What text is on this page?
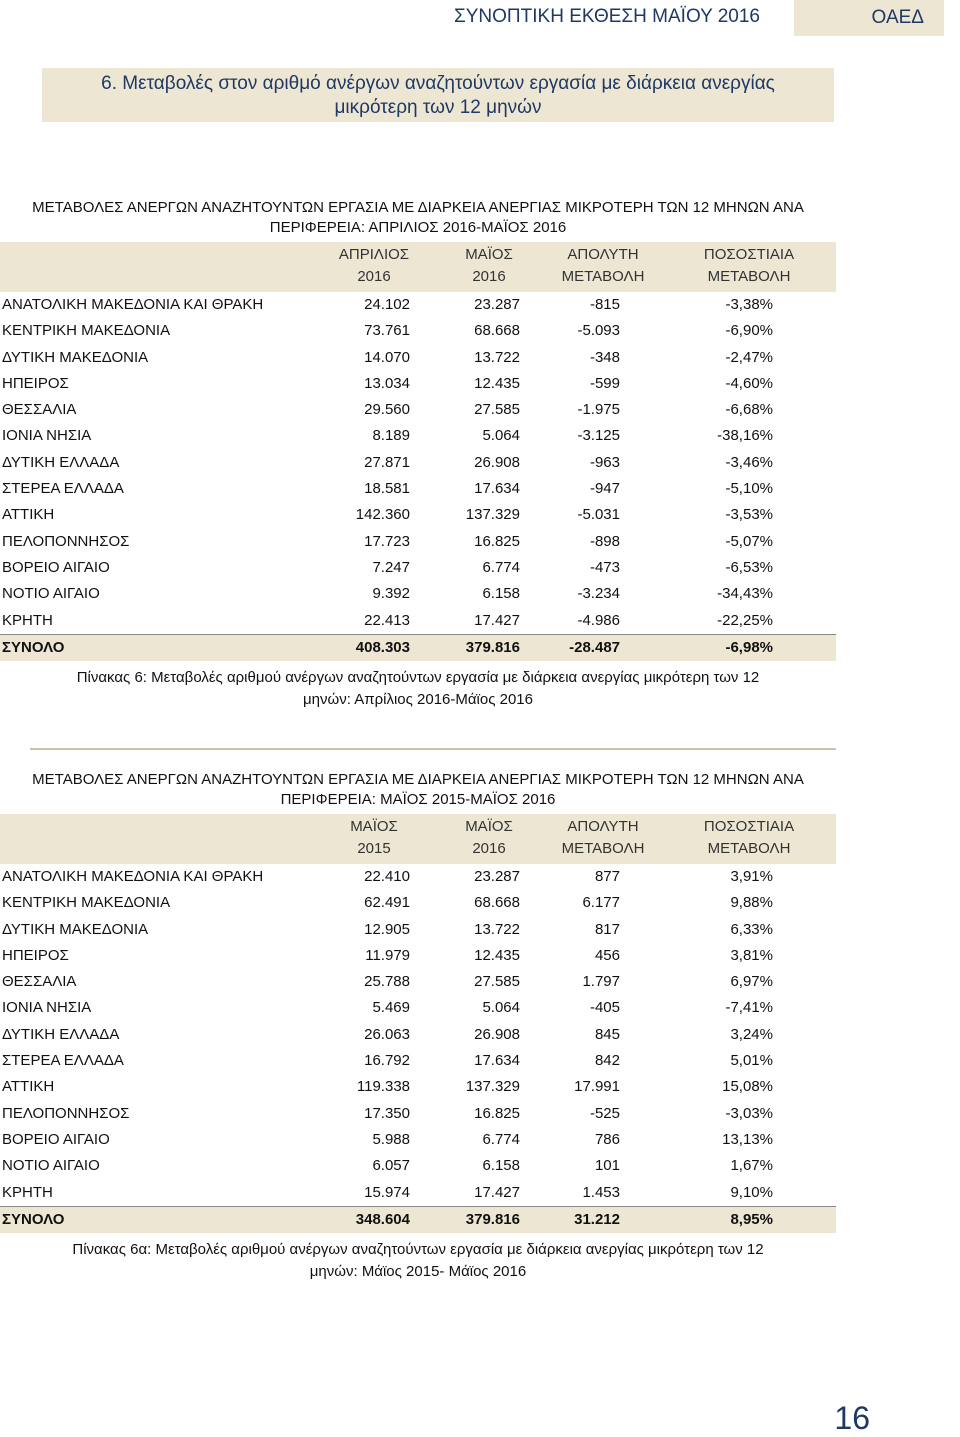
ΣΥΝΟΠΤΙΚΗ ΕΚΘΕΣΗ ΜΑΪΟΥ 2016	ΟΑΕΔ
6. Μεταβολές στον αριθμό ανέργων αναζητούντων εργασία με διάρκεια ανεργίας
μικρότερη των 12 μηνών
ΜΕΤΑΒΟΛΕΣ ΑΝΕΡΓΩΝ ΑΝΑΖΗΤΟΥΝΤΩΝ ΕΡΓΑΣΙΑ ΜΕ ΔΙΑΡΚΕΙΑ ΑΝΕΡΓΙΑΣ ΜΙΚΡΟΤΕΡΗ ΤΩΝ 12 ΜΗΝΩΝ ΑΝΑ
ΠΕΡΙΦΕΡΕΙΑ: ΑΠΡΙΛΙΟΣ 2016-ΜΑΪΟΣ 2016
ΑΠΡΙΛΙΟΣ
2016
ΜΑΪΟΣ
2016
ΑΠΟΛΥΤΗ
ΜΕΤΑΒΟΛΗ
ΠΟΣΟΣΤΙΑΙΑ
ΜΕΤΑΒΟΛΗ
ΑΝΑΤΟΛΙΚΗ ΜΑΚΕΔΟΝΙΑ ΚΑΙ ΘΡΑΚΗ	24.102	23.287	-815	-3,38%
ΚΕΝΤΡΙΚΗ ΜΑΚΕΔΟΝΙΑ	73.761	68.668	-5.093	-6,90%
ΔΥΤΙΚΗ ΜΑΚΕΔΟΝΙΑ	14.070	13.722	-348	-2,47%
ΗΠΕΙΡΟΣ	13.034	12.435	-599	-4,60%
ΘΕΣΣΑΛΙΑ	29.560	27.585	-1.975	-6,68%
ΙΟΝΙΑ ΝΗΣΙΑ	8.189	5.064	-3.125	-38,16%
ΔΥΤΙΚΗ ΕΛΛΑΔΑ	27.871	26.908	-963	-3,46%
ΣΤΕΡΕΑ ΕΛΛΑΔΑ	18.581	17.634	-947	-5,10%
ΑΤΤΙΚΗ	142.360	137.329	-5.031	-3,53%
ΠΕΛΟΠΟΝΝΗΣΟΣ	17.723	16.825	-898	-5,07%
ΒΟΡΕΙΟ ΑΙΓΑΙΟ	7.247	6.774	-473	-6,53%
ΝΟΤΙΟ ΑΙΓΑΙΟ	9.392	6.158	-3.234	-34,43%
ΚΡΗΤΗ	22.413	17.427	-4.986	-22,25%
ΣΥΝΟΛΟ	408.303	379.816	-28.487	-6,98%
Πίνακας 6: Μεταβολές αριθμού ανέργων αναζητούντων εργασία με διάρκεια ανεργίας μικρότερη των 12
μηνών: Απρίλιος 2016-Μάϊος 2016
ΜΕΤΑΒΟΛΕΣ ΑΝΕΡΓΩΝ ΑΝΑΖΗΤΟΥΝΤΩΝ ΕΡΓΑΣΙΑ ΜΕ ΔΙΑΡΚΕΙΑ ΑΝΕΡΓΙΑΣ ΜΙΚΡΟΤΕΡΗ ΤΩΝ 12 ΜΗΝΩΝ ΑΝΑ
ΠΕΡΙΦΕΡΕΙΑ: ΜΑΪΟΣ 2015-ΜΑΪΟΣ 2016
ΜΑΪΟΣ
2015
ΜΑΪΟΣ
2016
ΑΠΟΛΥΤΗ
ΜΕΤΑΒΟΛΗ
ΠΟΣΟΣΤΙΑΙΑ
ΜΕΤΑΒΟΛΗ
ΑΝΑΤΟΛΙΚΗ ΜΑΚΕΔΟΝΙΑ ΚΑΙ ΘΡΑΚΗ	22.410	23.287	877	3,91%
ΚΕΝΤΡΙΚΗ ΜΑΚΕΔΟΝΙΑ	62.491	68.668	6.177	9,88%
ΔΥΤΙΚΗ ΜΑΚΕΔΟΝΙΑ	12.905	13.722	817	6,33%
ΗΠΕΙΡΟΣ	11.979	12.435	456	3,81%
ΘΕΣΣΑΛΙΑ	25.788	27.585	1.797	6,97%
ΙΟΝΙΑ ΝΗΣΙΑ	5.469	5.064	-405	-7,41%
ΔΥΤΙΚΗ ΕΛΛΑΔΑ	26.063	26.908	845	3,24%
ΣΤΕΡΕΑ ΕΛΛΑΔΑ	16.792	17.634	842	5,01%
ΑΤΤΙΚΗ	119.338	137.329	17.991	15,08%
ΠΕΛΟΠΟΝΝΗΣΟΣ	17.350	16.825	-525	-3,03%
ΒΟΡΕΙΟ ΑΙΓΑΙΟ	5.988	6.774	786	13,13%
ΝΟΤΙΟ ΑΙΓΑΙΟ	6.057	6.158	101	1,67%
ΚΡΗΤΗ	15.974	17.427	1.453	9,10%
ΣΥΝΟΛΟ	348.604	379.816	31.212	8,95%
Πίνακας 6α: Μεταβολές αριθμού ανέργων αναζητούντων εργασία με διάρκεια ανεργίας μικρότερη των 12
μηνών: Μάϊος 2015- Μάϊος 2016
16
